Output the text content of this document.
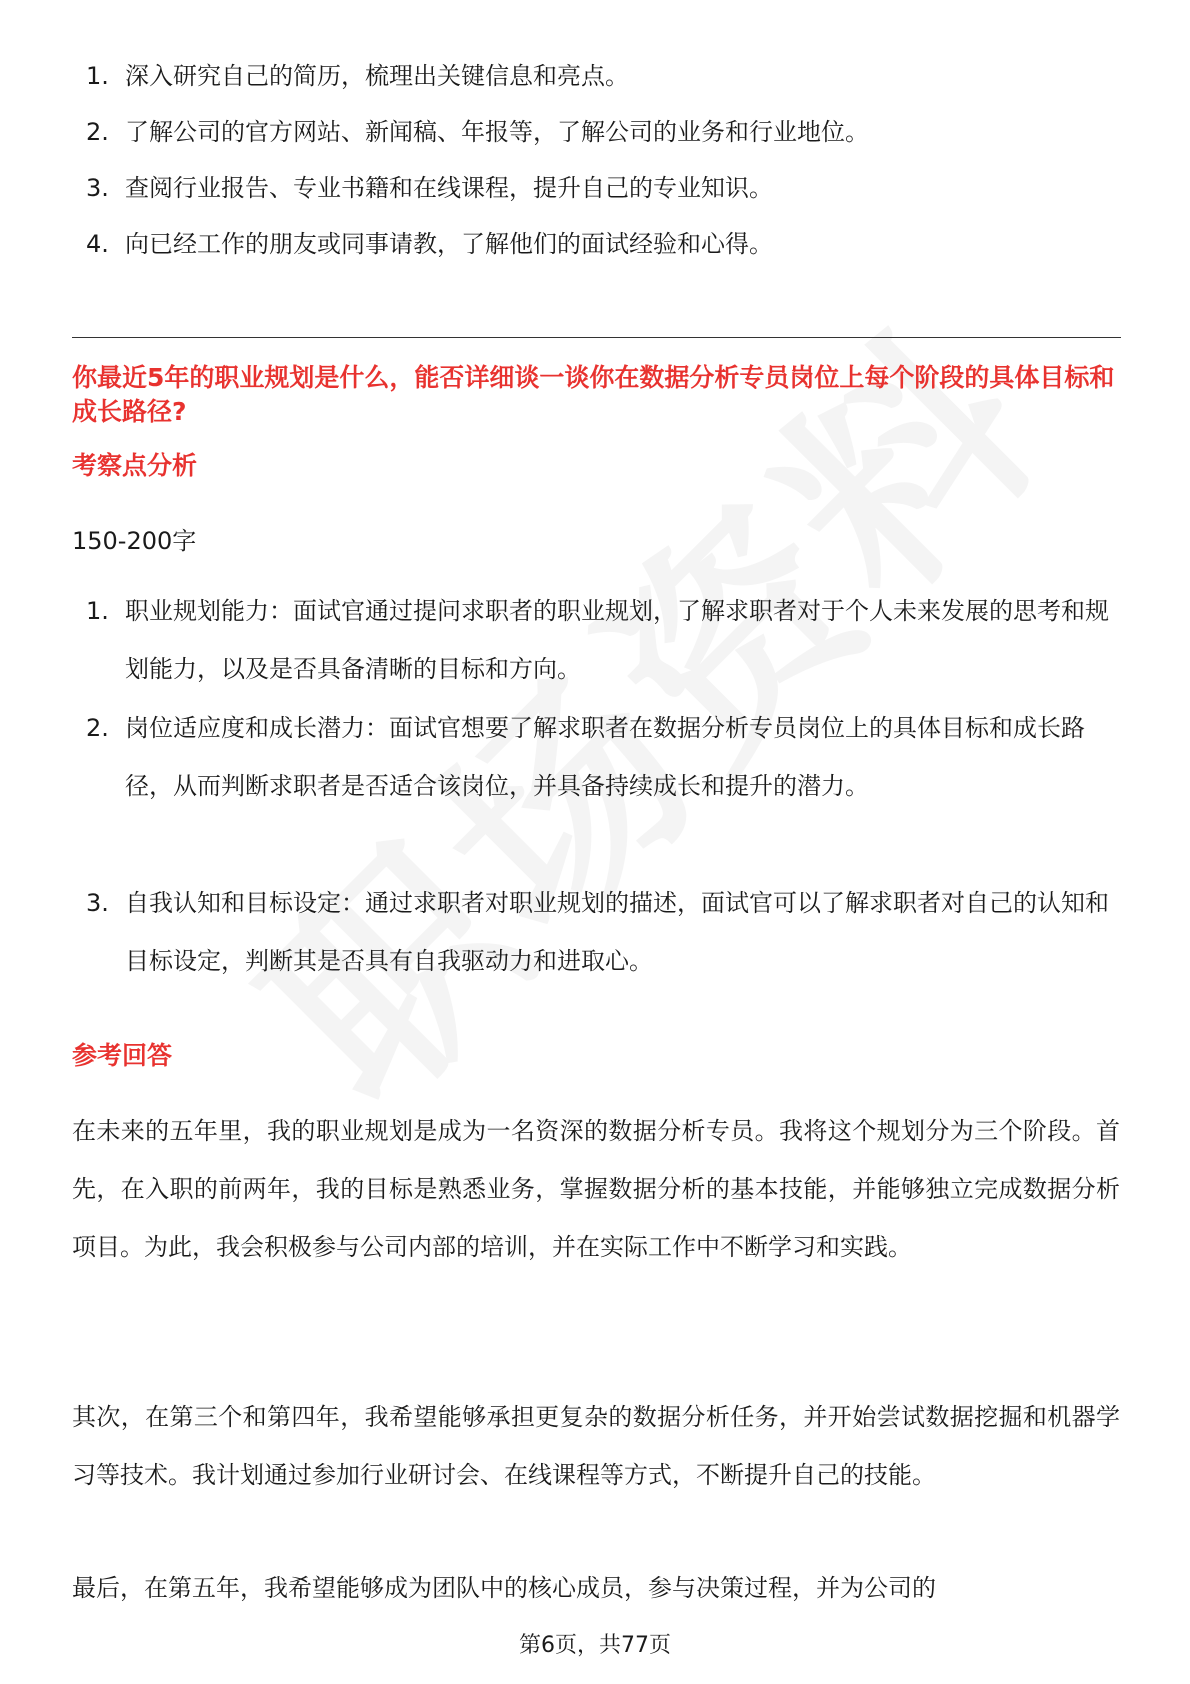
1. 深入研究自己的简历，梳理出关键信息和亮点。
2. 了解公司的官方网站、新闻稿、年报等，了解公司的业务和行业地位。
3. 查阅行业报告、专业书籍和在线课程，提升自己的专业知识。
4. 向已经工作的朋友或同事请教，了解他们的面试经验和心得。
你最近5年的职业规划是什么，能否详细谈一谈你在数据分析专员岗位上每个阶段的具体目标和成长路径?
考察点分析
150-200字
1. 职业规划能力：面试官通过提问求职者的职业规划，了解求职者对于个人未来发展的思考和规划能力，以及是否具备清晰的目标和方向。
2. 岗位适应度和成长潜力：面试官想要了解求职者在数据分析专员岗位上的具体目标和成长路径，从而判断求职者是否适合该岗位，并具备持续成长和提升的潜力。
3. 自我认知和目标设定：通过求职者对职业规划的描述，面试官可以了解求职者对自己的认知和目标设定，判断其是否具有自我驱动力和进取心。
参考回答
在未来的五年里，我的职业规划是成为一名资深的数据分析专员。我将这个规划分为三个阶段。首先，在入职的前两年，我的目标是熟悉业务，掌握数据分析的基本技能，并能够独立完成数据分析项目。为此，我会积极参与公司内部的培训，并在实际工作中不断学习和实践。
其次，在第三个和第四年，我希望能够承担更复杂的数据分析任务，并开始尝试数据挖掘和机器学习等技术。我计划通过参加行业研讨会、在线课程等方式，不断提升自己的技能。
最后，在第五年，我希望能够成为团队中的核心成员，参与决策过程，并为公司的
第6页，共77页
